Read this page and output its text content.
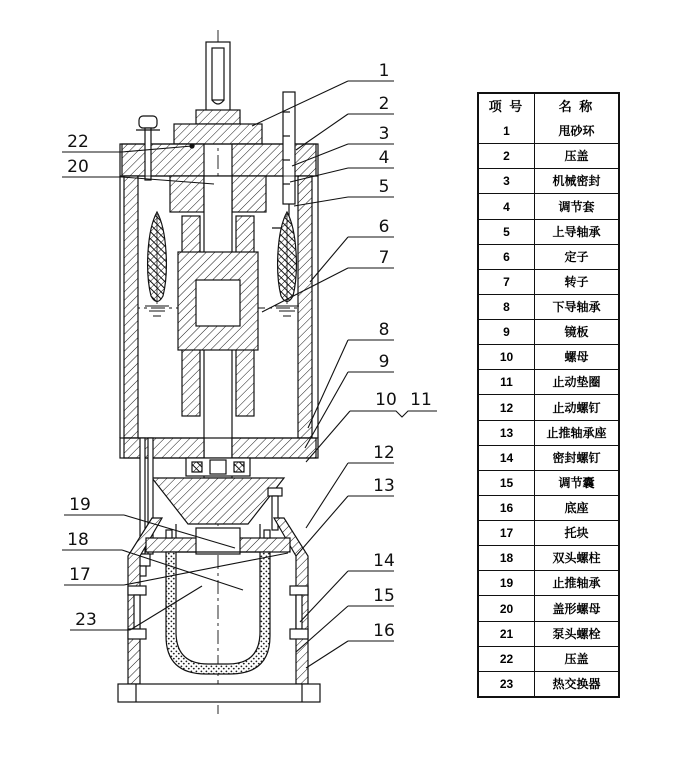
1
2
3
4
5
6
7
8
9
10 11
12
13
14
15
16
22
20
19
18
17
23
项 号	名 称
1	甩砂环
2	压盖
3	机械密封
4	调节套
5	上导轴承
6	定子
7	转子
8	下导轴承
9	镜板
10	螺母
11	止动垫圈
12	止动螺钉
13	止推轴承座
14	密封螺钉
15	调节囊
16	底座
17	托块
18	双头螺柱
19	止推轴承
20	盖形螺母
21	泵头螺栓
22	压盖
23	热交换器
